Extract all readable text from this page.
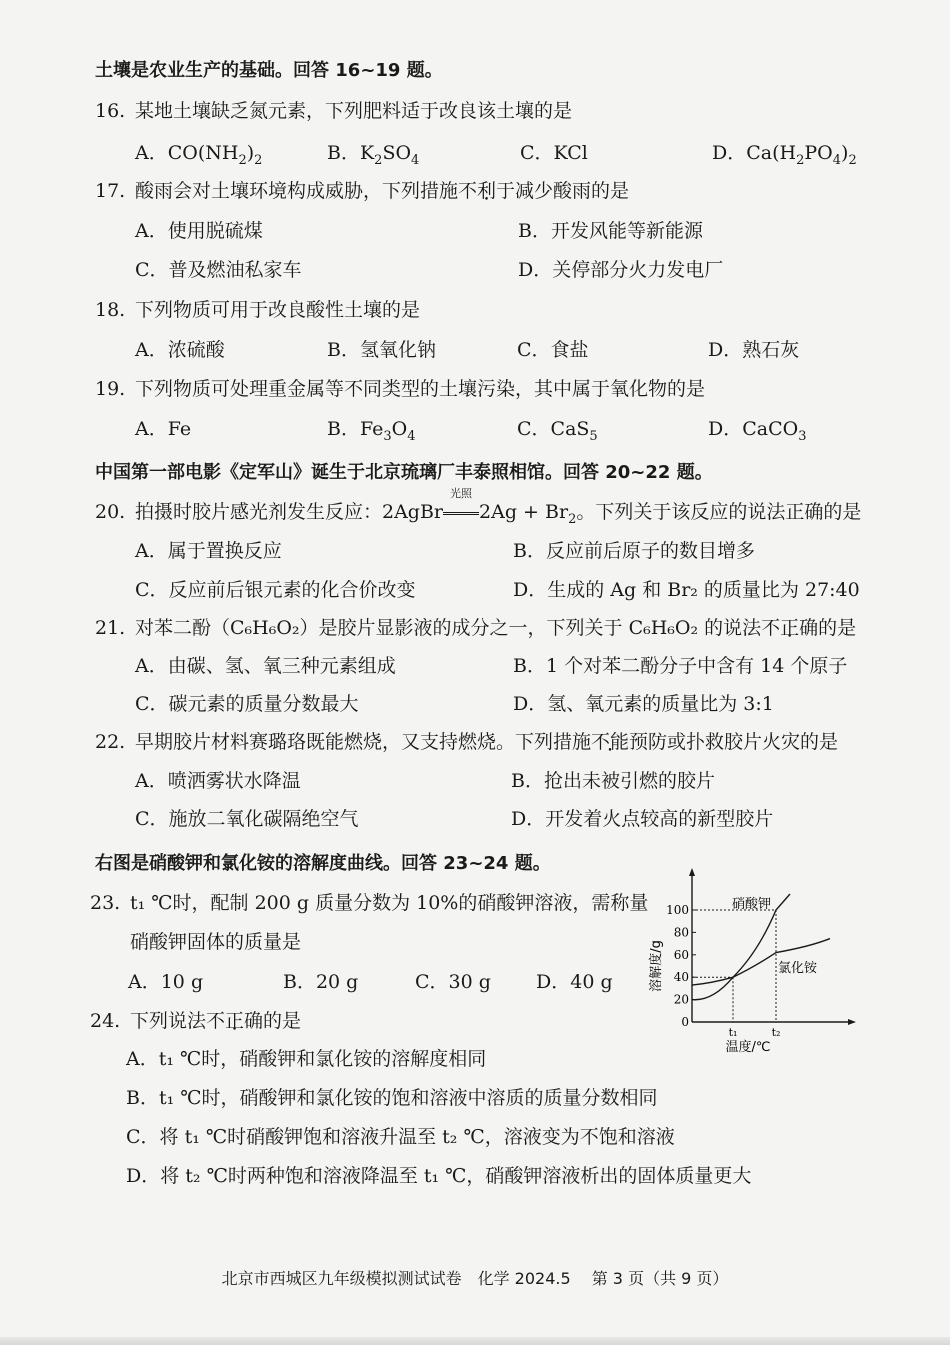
土壤是农业生产的基础。回答 16~19 题。
16. 某地土壤缺乏氮元素，下列肥料适于改良该土壤的是
A．$CO(NH_2)_2$	B．$K_2SO_4$	C．KCl	D．$Ca(H_2PO_4)_2$
17. 酸雨会对土壤环境构成威胁，下列措施不利于减少酸雨的是
A．使用脱硫煤	B．开发风能等新能源
C．普及燃油私家车	D．关停部分火力发电厂
18. 下列物质可用于改良酸性土壤的是
A．浓硫酸	B．氢氧化钠	C．食盐	D．熟石灰
19. 下列物质可处理重金属等不同类型的土壤污染，其中属于氧化物的是
A．Fe	B．$Fe_3O_4$	C．CaS$_5$	D．CaCO$_3$
中国第一部电影《定军山》诞生于北京琉璃厂丰泰照相馆。回答 20~22 题。
20. 拍摄时胶片感光剂发生反应：2AgBr
光照
$2Ag + Br_2$。下列关于该反应的说法正确的是
A．属于置换反应	B．反应前后原子的数目增多
C．反应前后银元素的化合价改变	D．生成的 Ag 和 Br₂ 的质量比为 27:40
21. 对苯二酚（C₆H₆O₂）是胶片显影液的成分之一，下列关于 C₆H₆O₂ 的说法不正确的是
A．由碳、氢、氧三种元素组成	B．1 个对苯二酚分子中含有 14 个原子
C．碳元素的质量分数最大	D．氢、氧元素的质量比为 3:1
22. 早期胶片材料赛璐珞既能燃烧，又支持燃烧。下列措施不能预防或扑救胶片火灾的是
A．喷洒雾状水降温	B．抢出未被引燃的胶片
C．施放二氧化碳隔绝空气	D．开发着火点较高的新型胶片
右图是硝酸钾和氯化铵的溶解度曲线。回答 23~24 题。
23. t₁ ℃时，配制 200 g 质量分数为 10%的硝酸钾溶液，需称量
硝酸钾固体的质量是
A．10 g	B．20 g	C．30 g D．40 g
24. 下列说法不正确的是
A．t₁ ℃时，硝酸钾和氯化铵的溶解度相同
B．t₁ ℃时，硝酸钾和氯化铵的饱和溶液中溶质的质量分数相同
C．将 t₁ ℃时硝酸钾饱和溶液升温至 t₂ ℃，溶液变为不饱和溶液
D．将 t₂ ℃时两种饱和溶液降温至 t₁ ℃，硝酸钾溶液析出的固体质量更大
0
20
40
60
80
100
t₁	t₂
硝酸钾
氯化铵
温度/℃
溶解度/g
北京市西城区九年级模拟测试试卷　化学 2024.5　 第 3 页（共 9 页）
